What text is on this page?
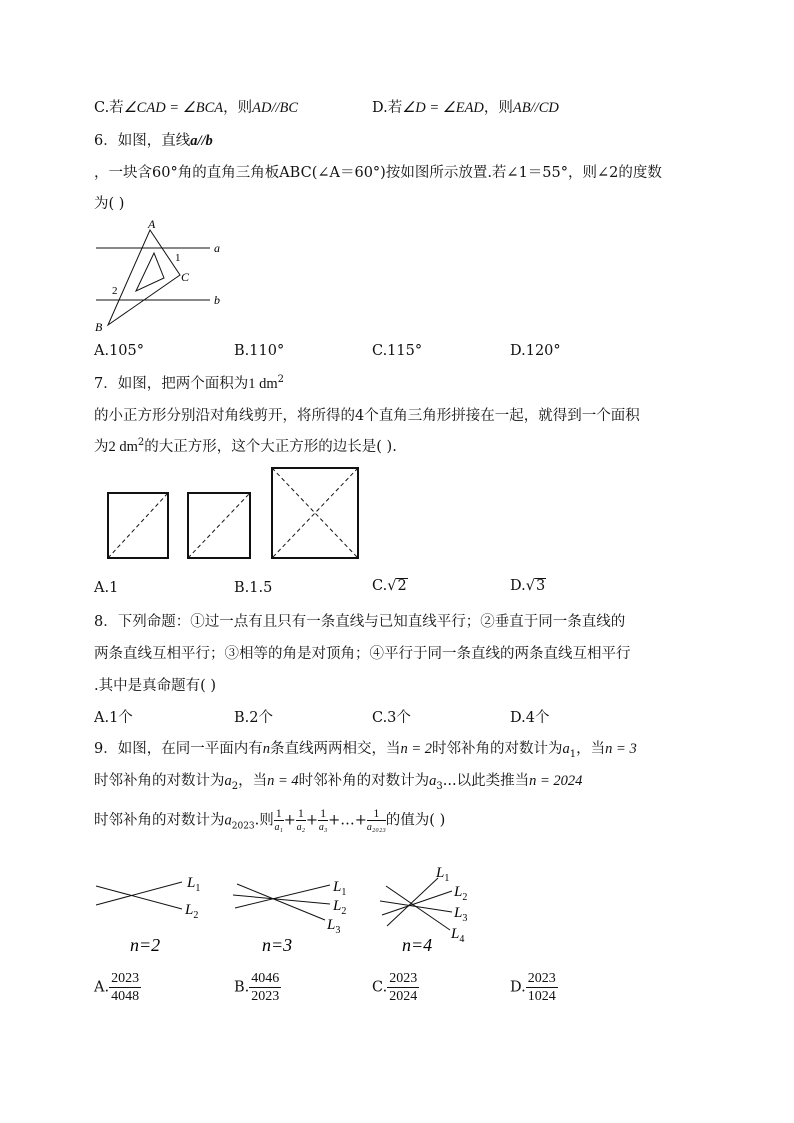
C.若∠CAD = ∠BCA，则AD//BC	D.若∠D = ∠EAD，则AB//CD
6．如图，直线a//b
，一块含60°角的直角三角板ABC(∠A＝60°)按如图所示放置.若∠1＝55°，则∠2的度数
为( )
A
B
C
a
b
1
2
A.105°	B.110°	C.115°	D.120°
7．如图，把两个面积为1 $dm^2$
的小正方形分别沿对角线剪开，将所得的4个直角三角形拼接在一起，就得到一个面积
为2 $dm^2$的大正方形，这个大正方形的边长是( ).
A.1	B.1.5	C.√2	D.√3
8．下列命题：①过一点有且只有一条直线与已知直线平行；②垂直于同一条直线的
两条直线互相平行；③相等的角是对顶角；④平行于同一条直线的两条直线互相平行
.其中是真命题有( )
A.1个	B.2个	C.3个	D.4个
9．如图，在同一平面内有n条直线两两相交，当n = 2时邻补角的对数计为$a_1$，当n = 3
时邻补角的对数计为$a_2$，当n = 4时邻补角的对数计为$a_3$...以此类推当n = 2024
时邻补角的对数计为$a_{2023}$.则 $\frac{1}{\text{a₁}} + \frac{1}{\text{a₂}} + \frac{1}{\text{a₃}}$ +…+ $\frac{1}{\text{a₂₀₂₃}}$ 的值为( )
$L_1$
$L_2$
n=2
$L_1$
$L_2$
$L_3$
n=3
$L_1$
$L_2$
$L_3$
$L_4$
n=4
A. $\frac{2023}{4048}$	B. $\frac{4046}{2023}$	C. $\frac{2023}{2024}$	D. $\frac{2023}{1024}$
